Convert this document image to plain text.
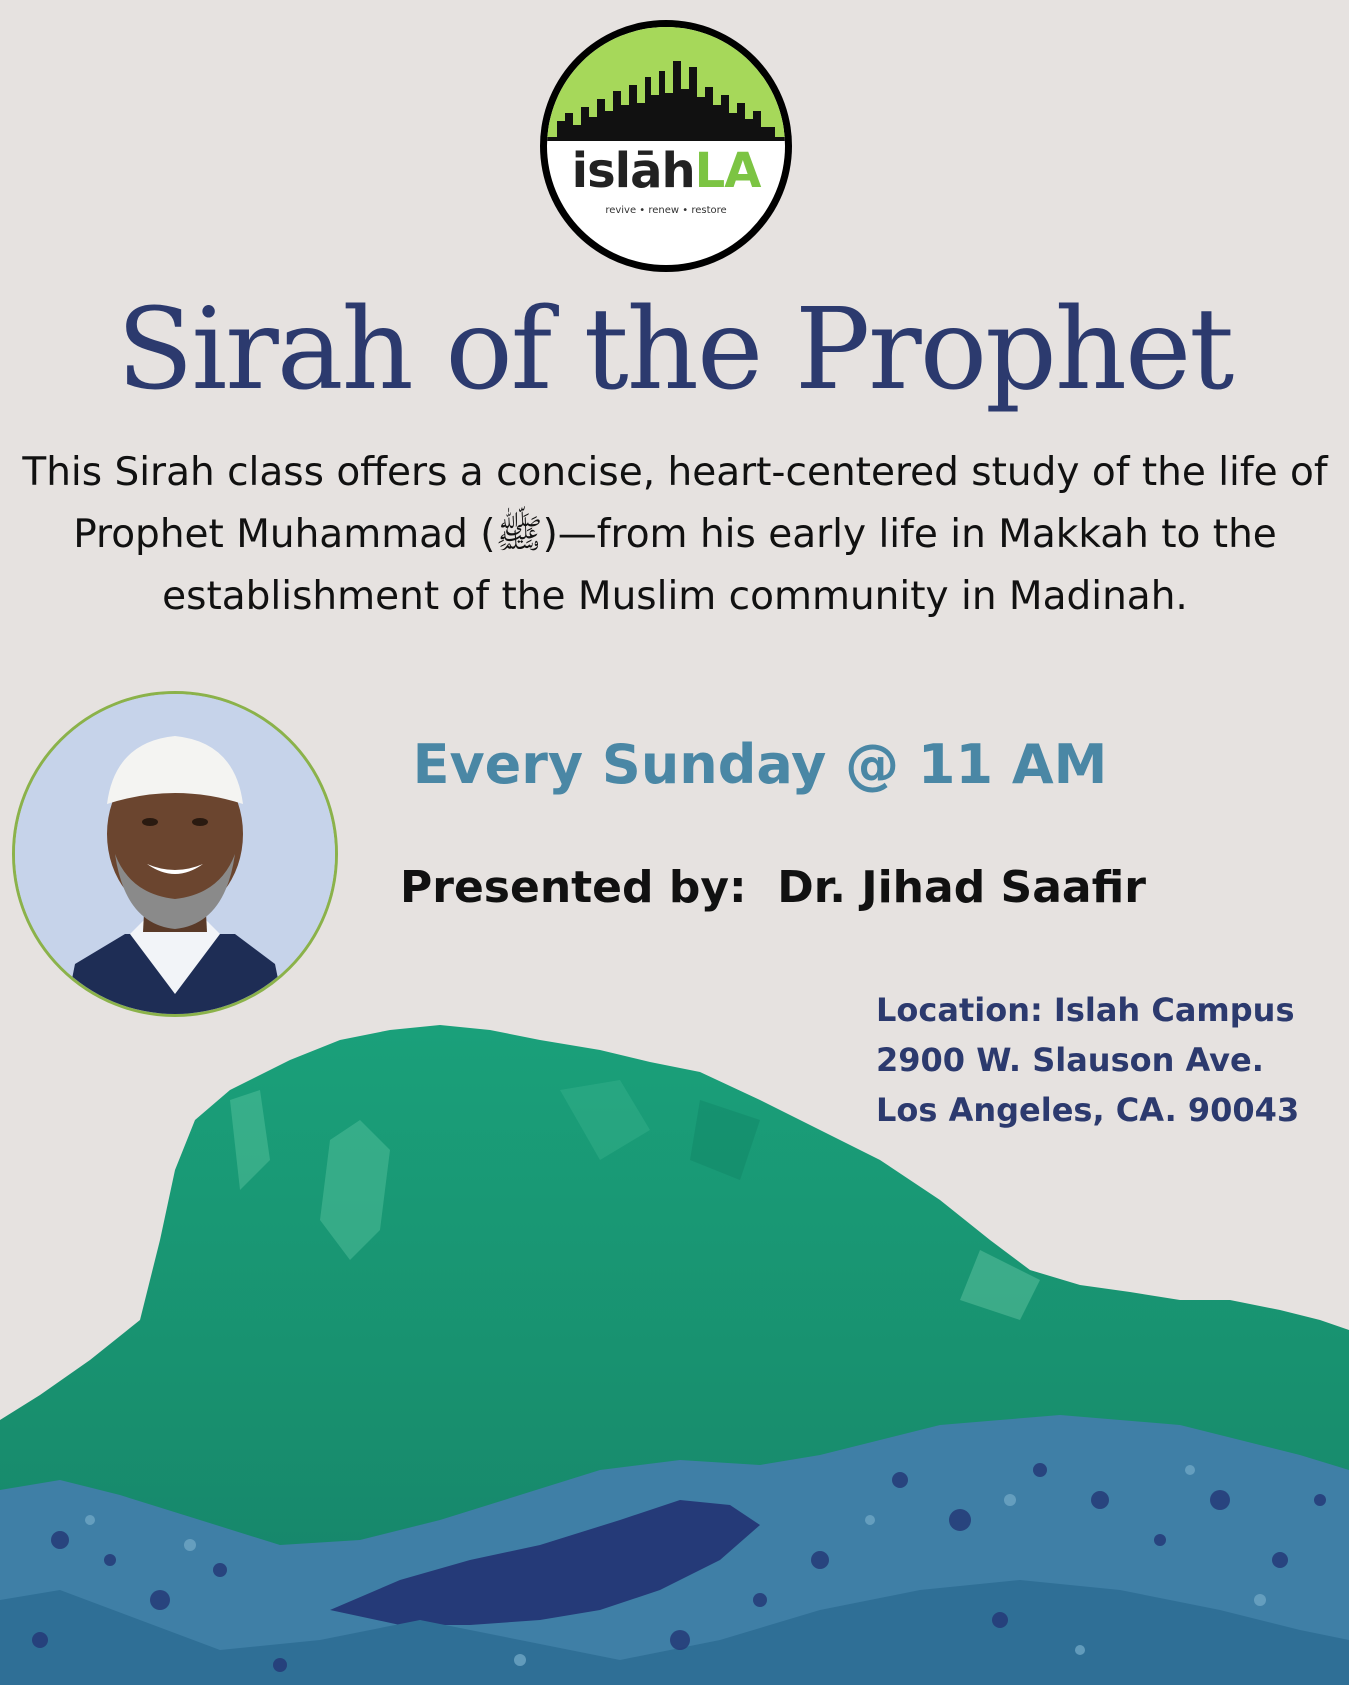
islāhLA
revive • renew • restore
Sirah of the Prophet
This Sirah class offers a concise, heart-centered study of the life of Prophet Muhammad (ﷺ)—from his early life in Makkah to the establishment of the Muslim community in Madinah.
Every Sunday @ 11 AM
Presented by:  Dr. Jihad Saafir
Location: Islah Campus
2900 W. Slauson Ave.
Los Angeles, CA. 90043
